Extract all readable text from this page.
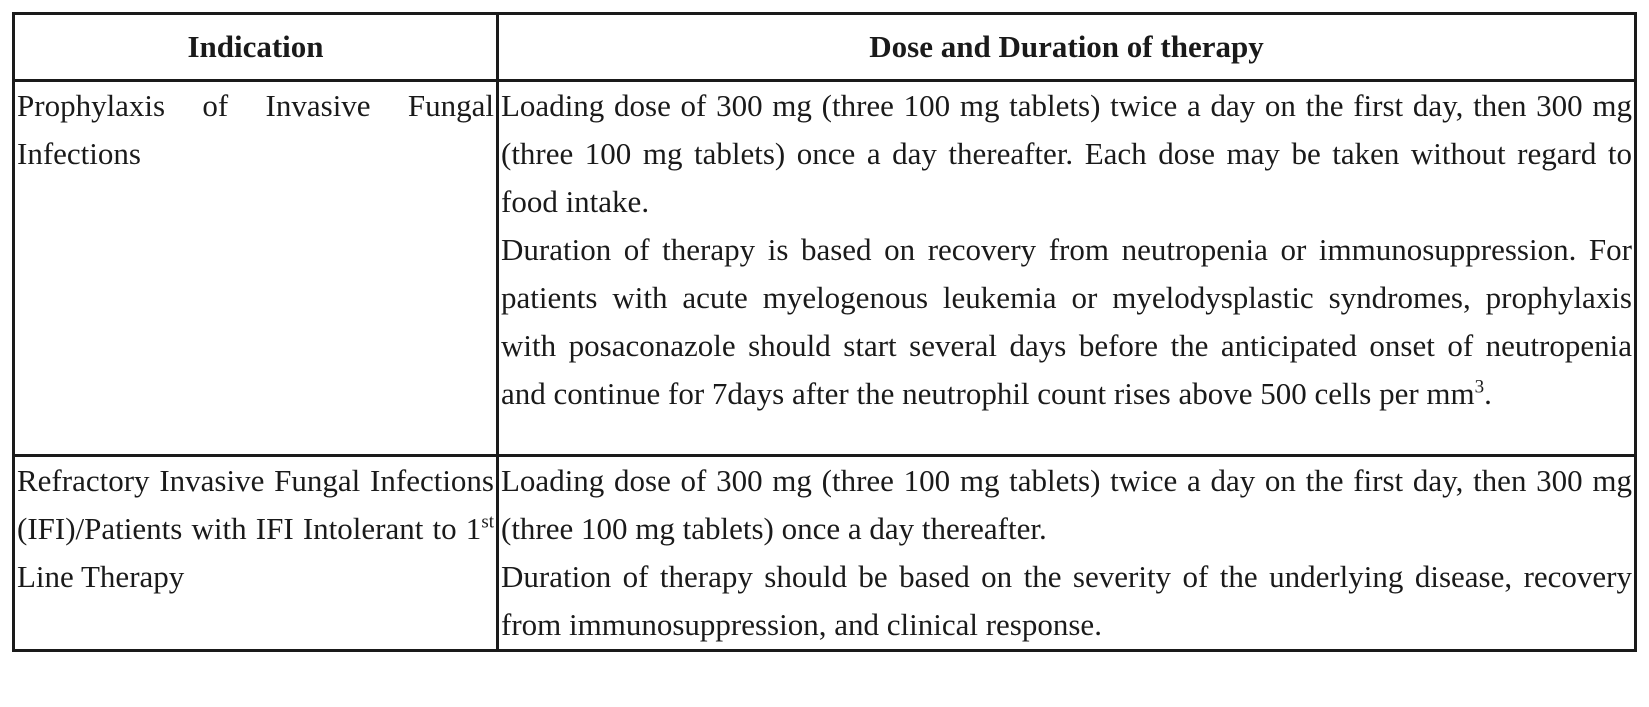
Indication	Dose and Duration of therapy

Prophylaxis of Invasive Fungal Infections	Loading dose of 300 mg (three 100 mg tablets) twice a day on the first day, then 300 mg (three 100 mg tablets) once a day thereafter. Each dose may be taken without regard to food intake.
Duration of therapy is based on recovery from neutropenia or immunosuppression. For patients with acute myelogenous leukemia or myelodysplastic syndromes, prophylaxis with posaconazole should start several days before the anticipated onset of neutropenia and continue for 7days after the neutrophil count rises above 500 cells per $mm^3$.

Refractory Invasive Fungal Infections (IFI)/Patients with IFI Intolerant to 1st Line Therapy	Loading dose of 300 mg (three 100 mg tablets) twice a day on the first day, then 300 mg (three 100 mg tablets) once a day thereafter.
Duration of therapy should be based on the severity of the underlying disease, recovery from immunosuppression, and clinical response.
